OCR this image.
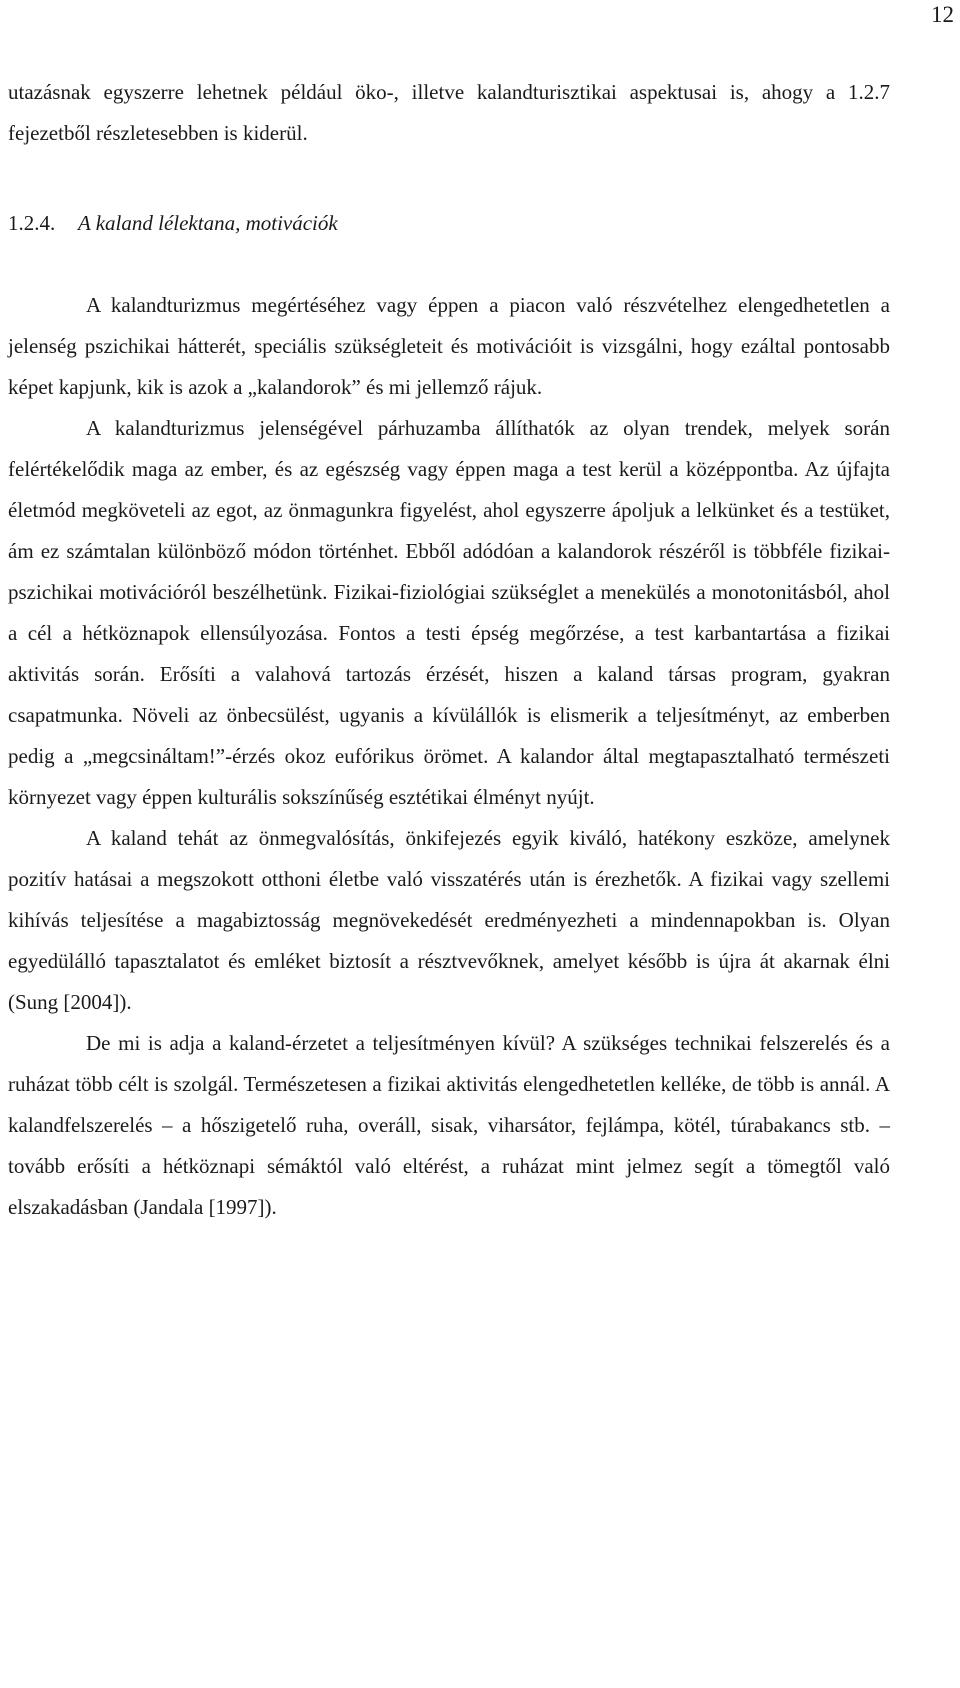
12

utazásnak egyszerre lehetnek például öko-, illetve kalandturisztikai aspektusai is, ahogy a 1.2.7 fejezetből részletesebben is kiderül.

1.2.4. A kaland lélektana, motivációk

A kalandturizmus megértéséhez vagy éppen a piacon való részvételhez elengedhetetlen a jelenség pszichikai hátterét, speciális szükségleteit és motivációit is vizsgálni, hogy ezáltal pontosabb képet kapjunk, kik is azok a „kalandorok” és mi jellemző rájuk.

A kalandturizmus jelenségével párhuzamba állíthatók az olyan trendek, melyek során felértékelődik maga az ember, és az egészség vagy éppen maga a test kerül a középpontba. Az újfajta életmód megköveteli az egot, az önmagunkra figyelést, ahol egyszerre ápoljuk a lelkünket és a testüket, ám ez számtalan különböző módon történhet. Ebből adódóan a kalandorok részéről is többféle fizikai-pszichikai motivációról beszélhetünk. Fizikai-fiziológiai szükséglet a menekülés a monotonitásból, ahol a cél a hétköznapok ellensúlyozása. Fontos a testi épség megőrzése, a test karbantartása a fizikai aktivitás során. Erősíti a valahová tartozás érzését, hiszen a kaland társas program, gyakran csapatmunka. Növeli az önbecsülést, ugyanis a kívülállók is elismerik a teljesítményt, az emberben pedig a „megcsináltam!”-érzés okoz eufórikus örömet. A kalandor által megtapasztalható természeti környezet vagy éppen kulturális sokszínűség esztétikai élményt nyújt.

A kaland tehát az önmegvalósítás, önkifejezés egyik kiváló, hatékony eszköze, amelynek pozitív hatásai a megszokott otthoni életbe való visszatérés után is érezhetők. A fizikai vagy szellemi kihívás teljesítése a magabiztosság megnövekedését eredményezheti a mindennapokban is. Olyan egyedülálló tapasztalatot és emléket biztosít a résztvevőknek, amelyet később is újra át akarnak élni (Sung [2004]).

De mi is adja a kaland-érzetet a teljesítményen kívül? A szükséges technikai felszerelés és a ruházat több célt is szolgál. Természetesen a fizikai aktivitás elengedhetetlen kelléke, de több is annál. A kalandfelszerelés – a hőszigetelő ruha, overáll, sisak, viharsátor, fejlámpa, kötél, túrabakancs stb. – tovább erősíti a hétköznapi sémáktól való eltérést, a ruházat mint jelmez segít a tömegtől való elszakadásban (Jandala [1997]).
